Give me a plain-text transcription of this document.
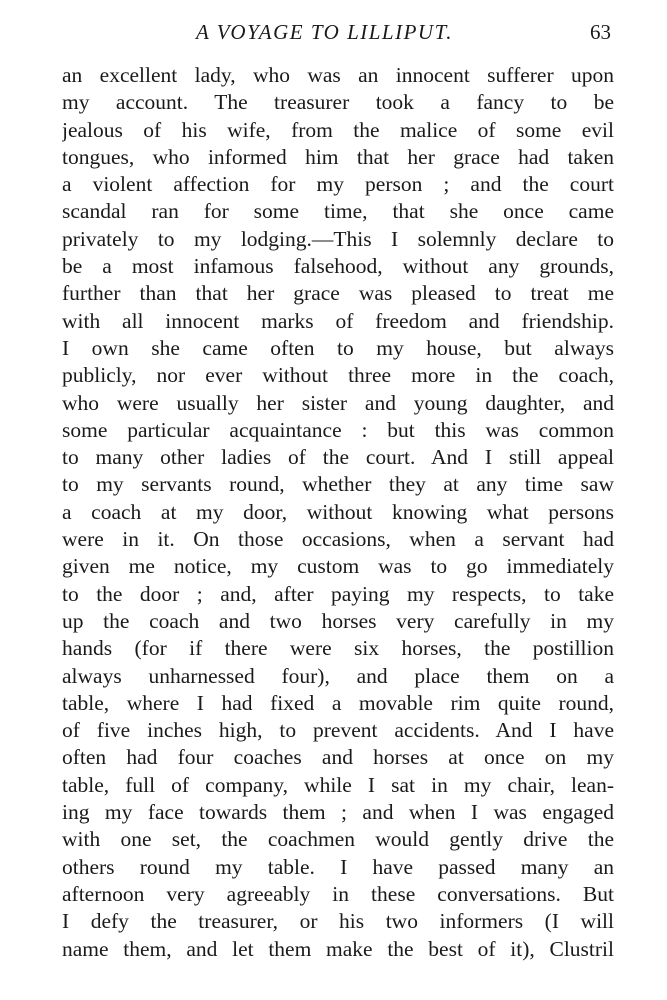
A VOYAGE TO LILLIPUT.	63
an excellent lady, who was an innocent sufferer upon
my account. The treasurer took a fancy to be
jealous of his wife, from the malice of some evil
tongues, who informed him that her grace had taken
a violent affection for my person ; and the court
scandal ran for some time, that she once came
privately to my lodging.—This I solemnly declare to
be a most infamous falsehood, without any grounds,
further than that her grace was pleased to treat me
with all innocent marks of freedom and friendship.
I own she came often to my house, but always
publicly, nor ever without three more in the coach,
who were usually her sister and young daughter, and
some particular acquaintance : but this was common
to many other ladies of the court. And I still appeal
to my servants round, whether they at any time saw
a coach at my door, without knowing what persons
were in it. On those occasions, when a servant had
given me notice, my custom was to go immediately
to the door ; and, after paying my respects, to take
up the coach and two horses very carefully in my
hands (for if there were six horses, the postillion
always unharnessed four), and place them on a
table, where I had fixed a movable rim quite round,
of five inches high, to prevent accidents. And I have
often had four coaches and horses at once on my
table, full of company, while I sat in my chair, lean-
ing my face towards them ; and when I was engaged
with one set, the coachmen would gently drive the
others round my table. I have passed many an
afternoon very agreeably in these conversations. But
I defy the treasurer, or his two informers (I will
name them, and let them make the best of it), Clustril
